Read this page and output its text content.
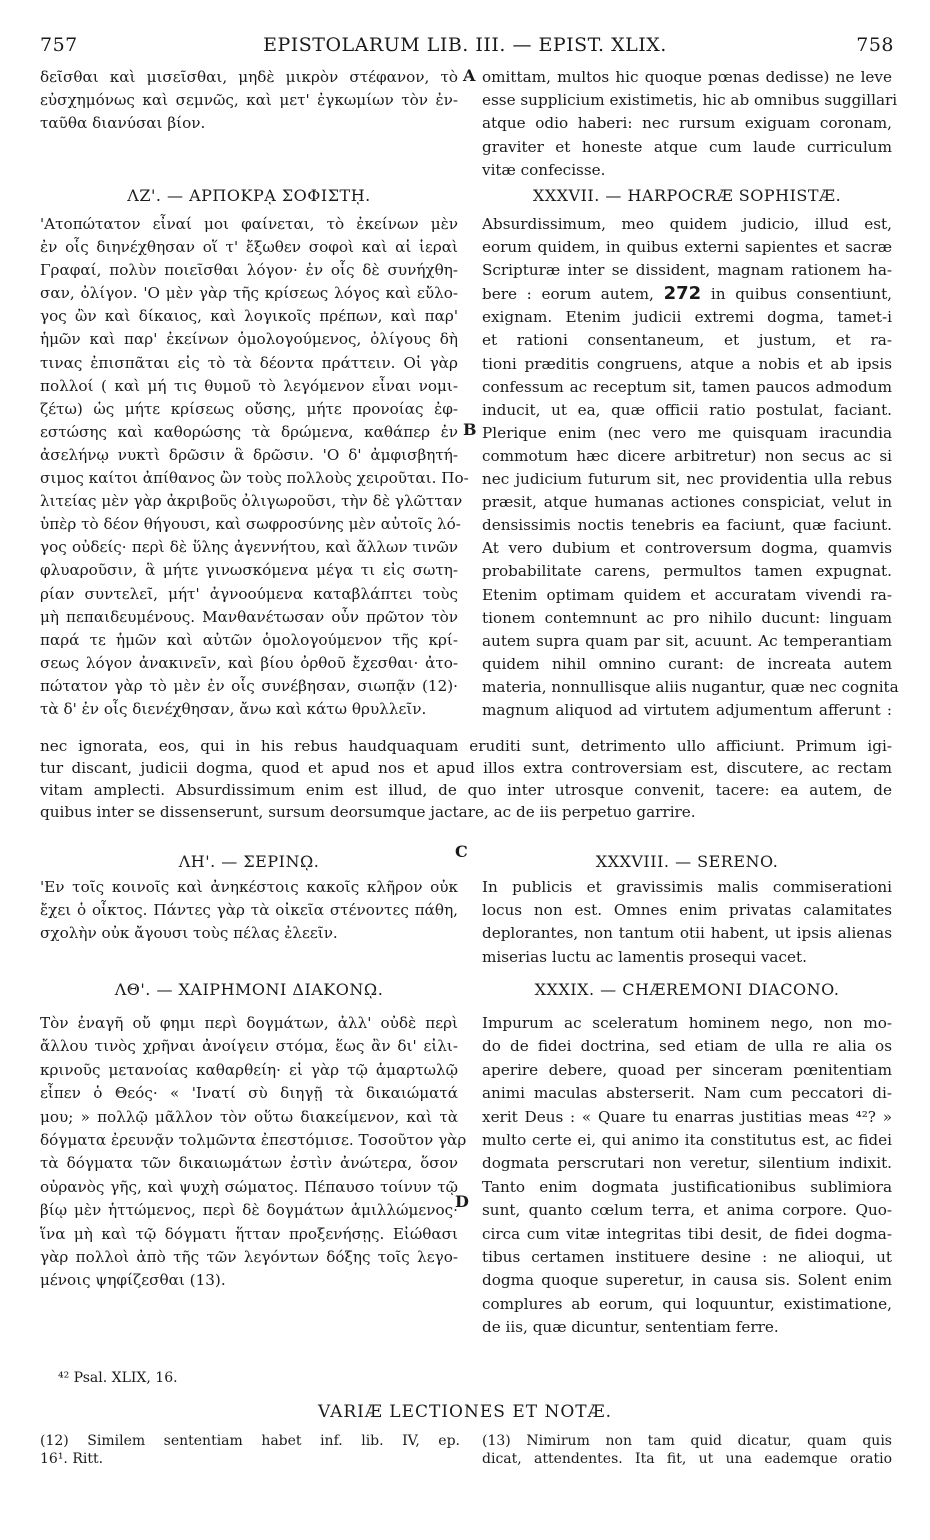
757	EPISTOLARUM LIB. III. — EPIST. XLIX.	758
δεῖσθαι καὶ μισεῖσθαι, μηδὲ μικρὸν στέφανον, τὸ
εὐσχημόνως καὶ σεμνῶς, καὶ μετ' ἐγκωμίων τὸν ἐν-
ταῦθα διανύσαι βίον.
omittam, multos hic quoque pœnas dedisse) ne leve
esse supplicium existimetis, hic ab omnibus suggillari
atque odio haberi: nec rursum exiguam coronam,
graviter et honeste atque cum laude curriculum
vitæ confecisse.
A
ΛΖ'. — ΑΡΠΟΚΡᾼ ΣΟΦΙΣΤῌ.	XXXVII. — HARPOCRÆ SOPHISTÆ.
'Ατοπώτατον εἶναί μοι φαίνεται, τὸ ἐκείνων μὲν
ἐν οἷς διηνέχθησαν οἵ τ' ἔξωθεν σοφοὶ καὶ αἱ ἱεραὶ
Γραφαί, πολὺν ποιεῖσθαι λόγον· ἐν οἷς δὲ συνήχθη-
σαν, ὀλίγον. 'Ο μὲν γὰρ τῆς κρίσεως λόγος καὶ εὔλο-
γος ὢν καὶ δίκαιος, καὶ λογικοῖς πρέπων, καὶ παρ'
ἡμῶν καὶ παρ' ἐκείνων ὁμολογούμενος, ὀλίγους δὴ
τινας ἐπισπᾶται εἰς τὸ τὰ δέοντα πράττειν. Οἱ γὰρ
πολλοί ( καὶ μή τις θυμοῦ τὸ λεγόμενον εἶναι νομι-
ζέτω) ὡς μήτε κρίσεως οὔσης, μήτε προνοίας ἐφ-
εστώσης καὶ καθορώσης τὰ δρώμενα, καθάπερ ἐν
ἀσελήνῳ νυκτὶ δρῶσιν ἃ δρῶσιν. 'Ο δ' ἀμφισβητή-
σιμος καίτοι ἀπίθανος ὢν τοὺς πολλοὺς χειροῦται. Πο-
λιτείας μὲν γὰρ ἀκριβοῦς ὀλιγωροῦσι, τὴν δὲ γλῶτταν
ὑπὲρ τὸ δέον θήγουσι, καὶ σωφροσύνης μὲν αὐτοῖς λό-
γος οὐδείς· περὶ δὲ ὕλης ἀγεννήτου, καὶ ἄλλων τινῶν
φλυαροῦσιν, ἃ μήτε γινωσκόμενα μέγα τι εἰς σωτη-
ρίαν συντελεῖ, μήτ' ἀγνοούμενα καταβλάπτει τοὺς
μὴ πεπαιδευμένους. Μανθανέτωσαν οὖν πρῶτον τὸν
παρά τε ἡμῶν καὶ αὐτῶν ὁμολογούμενον τῆς κρί-
σεως λόγον ἀνακινεῖν, καὶ βίου ὀρθοῦ ἔχεσθαι· ἀτο-
πώτατον γὰρ τὸ μὲν ἐν οἷς συνέβησαν, σιωπᾷν (12)·
τὰ δ' ἐν οἷς διενέχθησαν, ἄνω καὶ κάτω θρυλλεῖν.
Absurdissimum, meo quidem judicio, illud est,
eorum quidem, in quibus externi sapientes et sacræ
Scripturæ inter se dissident, magnam rationem ha-
bere : eorum autem, 272 in quibus consentiunt,
exignam. Etenim judicii extremi dogma, tamet-i
et rationi consentaneum, et justum, et ra-
tioni præditis congruens, atque a nobis et ab ipsis
confessum ac receptum sit, tamen paucos admodum
inducit, ut ea, quæ officii ratio postulat, faciant.
Plerique enim (nec vero me quisquam iracundia
commotum hæc dicere arbitretur) non secus ac si
nec judicium futurum sit, nec providentia ulla rebus
præsit, atque humanas actiones conspiciat, velut in
densissimis noctis tenebris ea faciunt, quæ faciunt.
At vero dubium et controversum dogma, quamvis
probabilitate carens, permultos tamen expugnat.
Etenim optimam quidem et accuratam vivendi ra-
tionem contemnunt ac pro nihilo ducunt: linguam
autem supra quam par sit, acuunt. Ac temperantiam
quidem nihil omnino curant: de increata autem
materia, nonnullisque aliis nugantur, quæ nec cognita
magnum aliquod ad virtutem adjumentum afferunt :
B
nec ignorata, eos, qui in his rebus haudquaquam eruditi sunt, detrimento ullo afficiunt. Primum igi-
tur discant, judicii dogma, quod et apud nos et apud illos extra controversiam est, discutere, ac rectam
vitam amplecti. Absurdissimum enim est illud, de quo inter utrosque convenit, tacere: ea autem, de
quibus inter se dissenserunt, sursum deorsumque jactare, ac de iis perpetuo garrire.
C
ΛΗ'. — ΣΕΡΙΝῼ.	XXXVIII. — SERENO.
'Εν τοῖς κοινοῖς καὶ ἀνηκέστοις κακοῖς κλῆρον οὐκ
ἔχει ὁ οἶκτος. Πάντες γὰρ τὰ οἰκεῖα στένοντες πάθη,
σχολὴν οὐκ ἄγουσι τοὺς πέλας ἐλεεῖν.
In publicis et gravissimis malis commiserationi
locus non est. Omnes enim privatas calamitates
deplorantes, non tantum otii habent, ut ipsis alienas
miserias luctu ac lamentis prosequi vacet.
ΛΘ'. — ΧΑΙΡΗΜΟΝΙ ΔΙΑΚΟΝῼ.	XXXIX. — CHÆREMONI DIACONO.
Τὸν ἐναγῆ οὔ φημι περὶ δογμάτων, ἀλλ' οὐδὲ περὶ
ἄλλου τινὸς χρῆναι ἀνοίγειν στόμα, ἕως ἂν δι' εἰλι-
κρινοῦς μετανοίας καθαρθείη· εἰ γὰρ τῷ ἁμαρτωλῷ
εἶπεν ὁ Θεός· « 'Ινατί σὺ διηγῇ τὰ δικαιώματά
μου; » πολλῷ μᾶλλον τὸν οὕτω διακείμενον, καὶ τὰ
δόγματα ἐρευνᾷν τολμῶντα ἐπεστόμισε. Τοσοῦτον γὰρ
τὰ δόγματα τῶν δικαιωμάτων ἐστὶν ἀνώτερα, ὅσον
οὐρανὸς γῆς, καὶ ψυχὴ σώματος. Πέπαυσο τοίνυν τῷ
βίῳ μὲν ἡττώμενος, περὶ δὲ δογμάτων ἁμιλλώμενος·
ἵνα μὴ καὶ τῷ δόγματι ἥτταν προξενήσῃς. Εἰώθασι
γὰρ πολλοὶ ἀπὸ τῆς τῶν λεγόντων δόξης τοῖς λεγο-
μένοις ψηφίζεσθαι (13).
Impurum ac sceleratum hominem nego, non mo-
do de fidei doctrina, sed etiam de ulla re alia os
aperire debere, quoad per sinceram pœnitentiam
animi maculas absterserit. Nam cum peccatori di-
xerit Deus : « Quare tu enarras justitias meas ⁴²? »
multo certe ei, qui animo ita constitutus est, ac fidei
dogmata perscrutari non veretur, silentium indixit.
Tanto enim dogmata justificationibus sublimiora
sunt, quanto cœlum terra, et anima corpore. Quo-
circa cum vitæ integritas tibi desit, de fidei dogma-
tibus certamen instituere desine : ne alioqui, ut
dogma quoque superetur, in causa sis. Solent enim
complures ab eorum, qui loquuntur, existimatione,
de iis, quæ dicuntur, sententiam ferre.
D
⁴² Psal. XLIX, 16.
VARIÆ LECTIONES ET NOTÆ.
(12) Similem sententiam habet inf. lib. IV, ep.
16¹. Ritt.
(13) Nimirum non tam quid dicatur, quam quis
dicat, attendentes. Ita fit, ut una eademque oratio
